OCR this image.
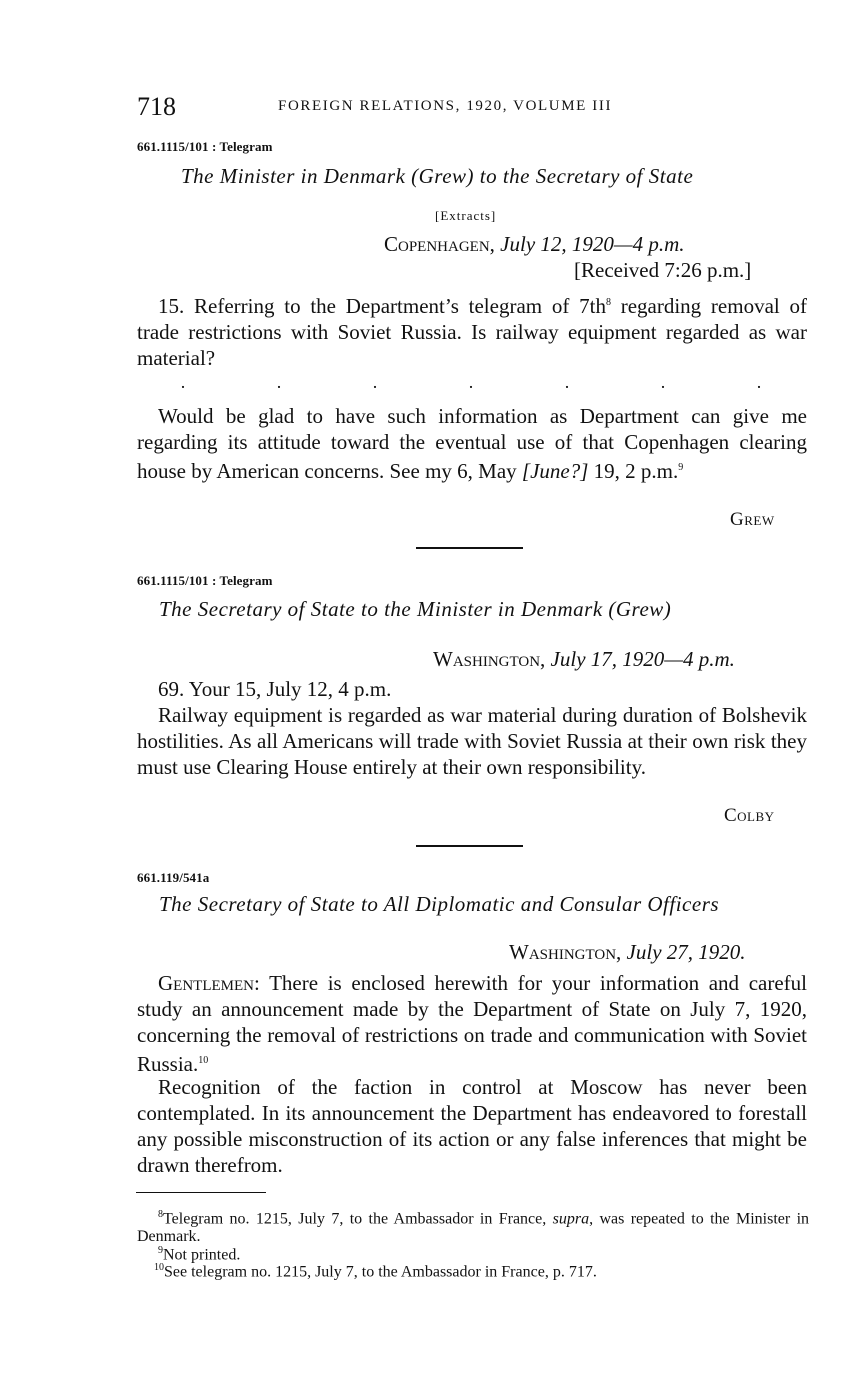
718	FOREIGN RELATIONS, 1920, VOLUME III
661.1115/101 : Telegram
The Minister in Denmark (Grew) to the Secretary of State
[Extracts]
Copenhagen, July 12, 1920—4 p.m.
[Received 7:26 p.m.]
15. Referring to the Department’s telegram of $7th^8$ regarding removal of trade restrictions with Soviet Russia. Is railway equipment regarded as war material?
.	.	.	.	.	.	.
Would be glad to have such information as Department can give me regarding its attitude toward the eventual use of that Copenhagen clearing house by American concerns. See my 6, May [June?] 19, 2 p.m.$^9$
Grew
661.1115/101 : Telegram
The Secretary of State to the Minister in Denmark (Grew)
Washington, July 17, 1920—4 p.m.
69. Your 15, July 12, 4 p.m.
Railway equipment is regarded as war material during duration of Bolshevik hostilities. As all Americans will trade with Soviet Russia at their own risk they must use Clearing House entirely at their own responsibility.
Colby
661.119/541a
The Secretary of State to All Diplomatic and Consular Officers
Washington, July 27, 1920.
Gentlemen: There is enclosed herewith for your information and careful study an announcement made by the Department of State on July 7, 1920, concerning the removal of restrictions on trade and communication with Soviet Russia.$^{10}$
Recognition of the faction in control at Moscow has never been contemplated. In its announcement the Department has endeavored to forestall any possible misconstruction of its action or any false inferences that might be drawn therefrom.
$^8$Telegram no. 1215, July 7, to the Ambassador in France, supra, was repeated to the Minister in Denmark.
$^9$Not printed.
$^{10}$See telegram no. 1215, July 7, to the Ambassador in France, p. 717.
